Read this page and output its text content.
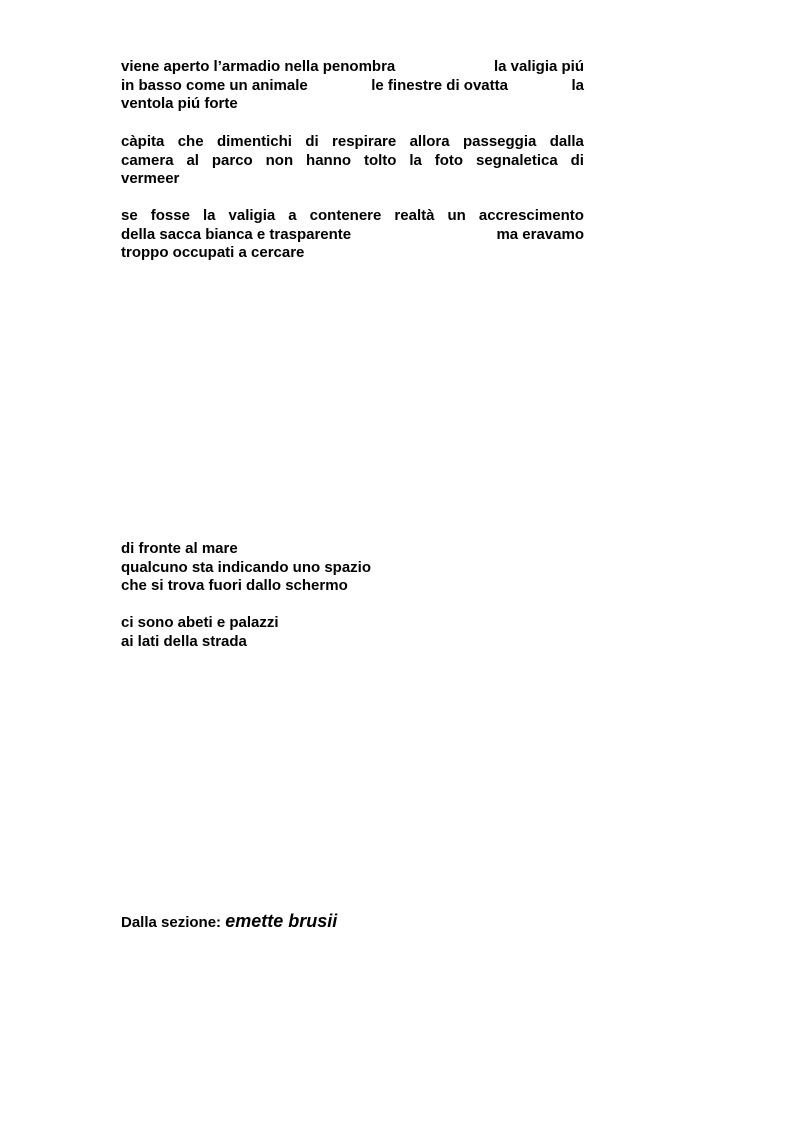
viene aperto l’armadio nella penombra	la valigia piú
in basso come un animale	le finestre di ovatta	la
ventola piú forte
càpita che dimentichi di respirare allora passeggia dalla
camera al parco non hanno tolto la foto segnaletica di
vermeer
se fosse la valigia a contenere realtà un accrescimento
della sacca bianca e trasparente	ma eravamo
troppo occupati a cercare
di fronte al mare
qualcuno sta indicando uno spazio
che si trova fuori dallo schermo
ci sono abeti e palazzi
ai lati della strada
Dalla sezione: emette brusii
